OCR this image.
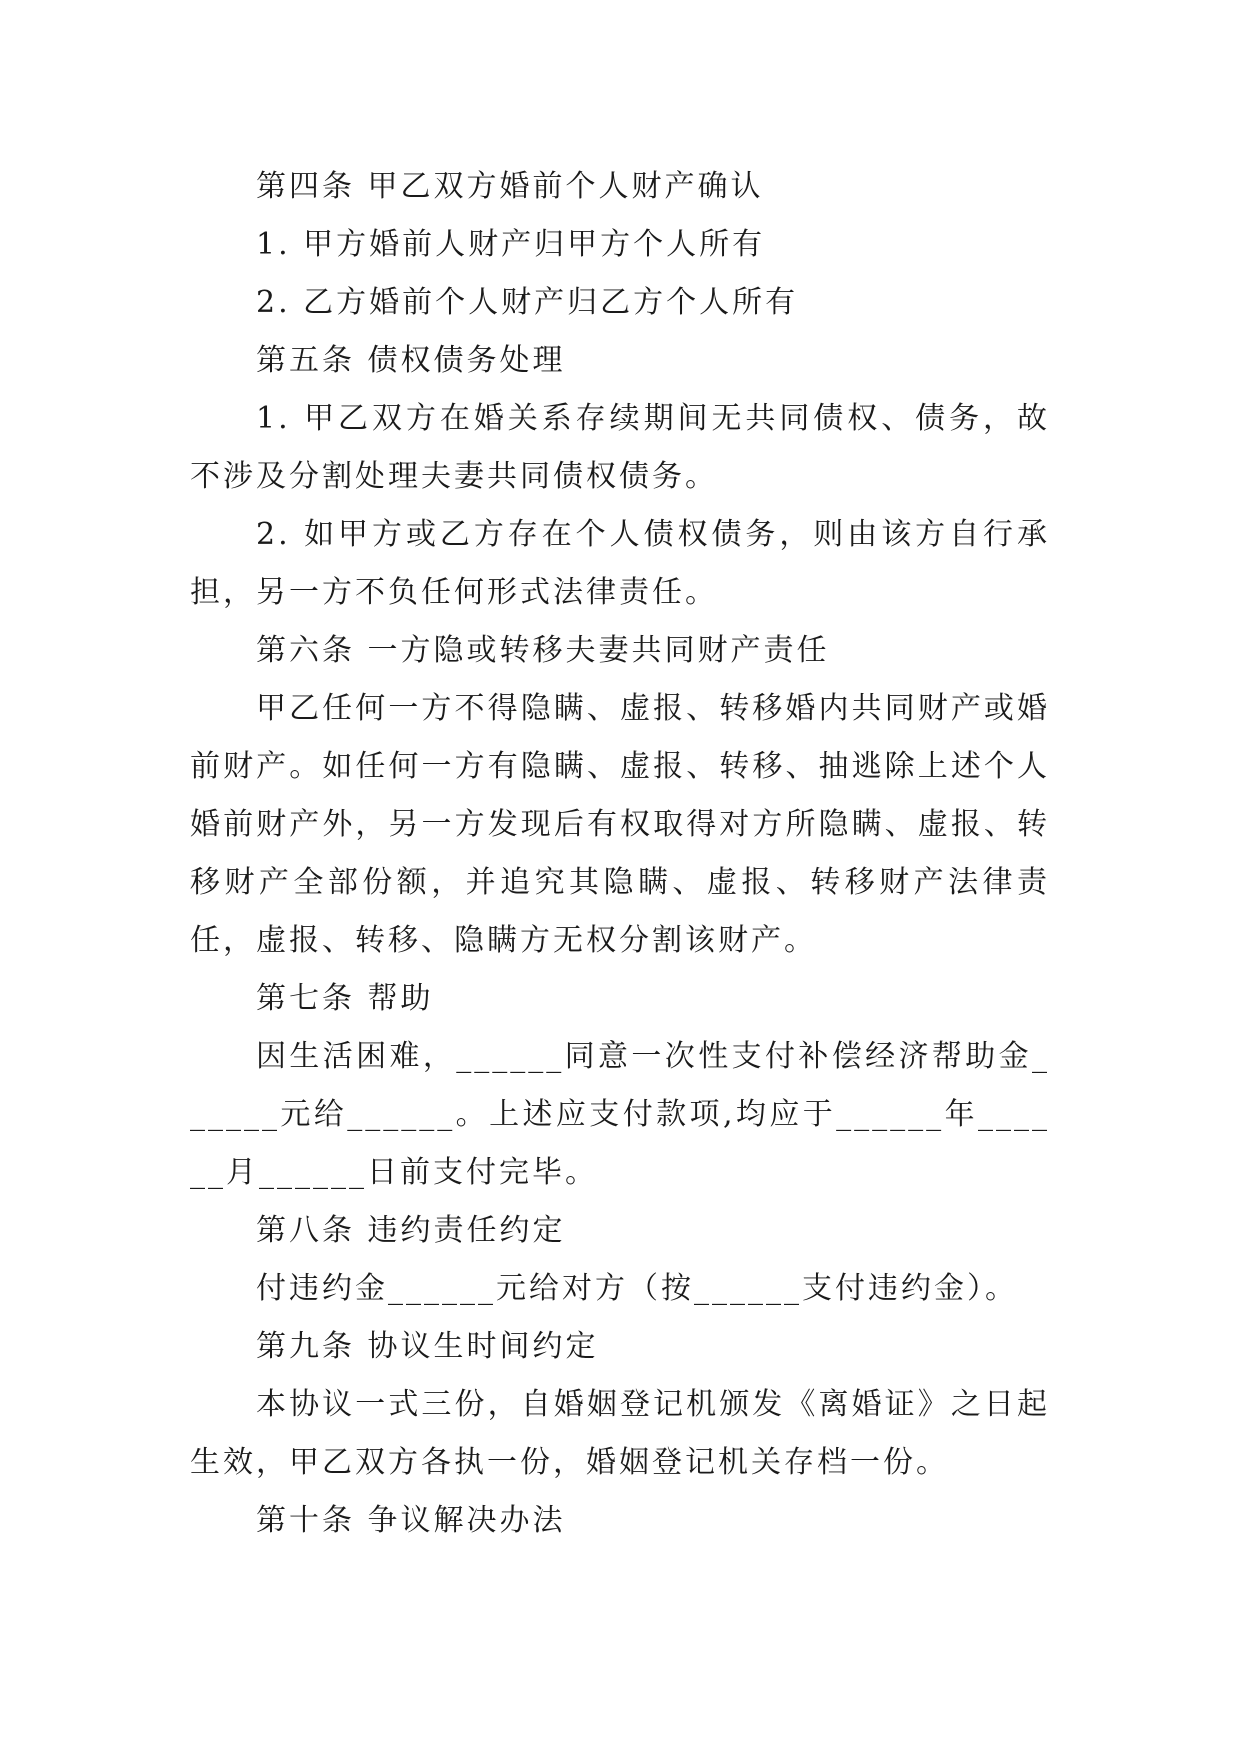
第四条 甲乙双方婚前个人财产确认

1. 甲方婚前人财产归甲方个人所有

2. 乙方婚前个人财产归乙方个人所有

第五条 债权债务处理

1. 甲乙双方在婚关系存续期间无共同债权、债务，故不涉及分割处理夫妻共同债权债务。

2. 如甲方或乙方存在个人债权债务，则由该方自行承担，另一方不负任何形式法律责任。

第六条 一方隐或转移夫妻共同财产责任

甲乙任何一方不得隐瞒、虚报、转移婚内共同财产或婚前财产。如任何一方有隐瞒、虚报、转移、抽逃除上述个人婚前财产外，另一方发现后有权取得对方所隐瞒、虚报、转移财产全部份额，并追究其隐瞒、虚报、转移财产法律责任，虚报、转移、隐瞒方无权分割该财产。

第七条 帮助

因生活困难，______同意一次性支付补偿经济帮助金______元给______。上述应支付款项,均应于______年______月______日前支付完毕。

第八条 违约责任约定

付违约金______元给对方（按______支付违约金）。

第九条 协议生时间约定

本协议一式三份，自婚姻登记机颁发《离婚证》之日起生效，甲乙双方各执一份，婚姻登记机关存档一份。

第十条 争议解决办法
